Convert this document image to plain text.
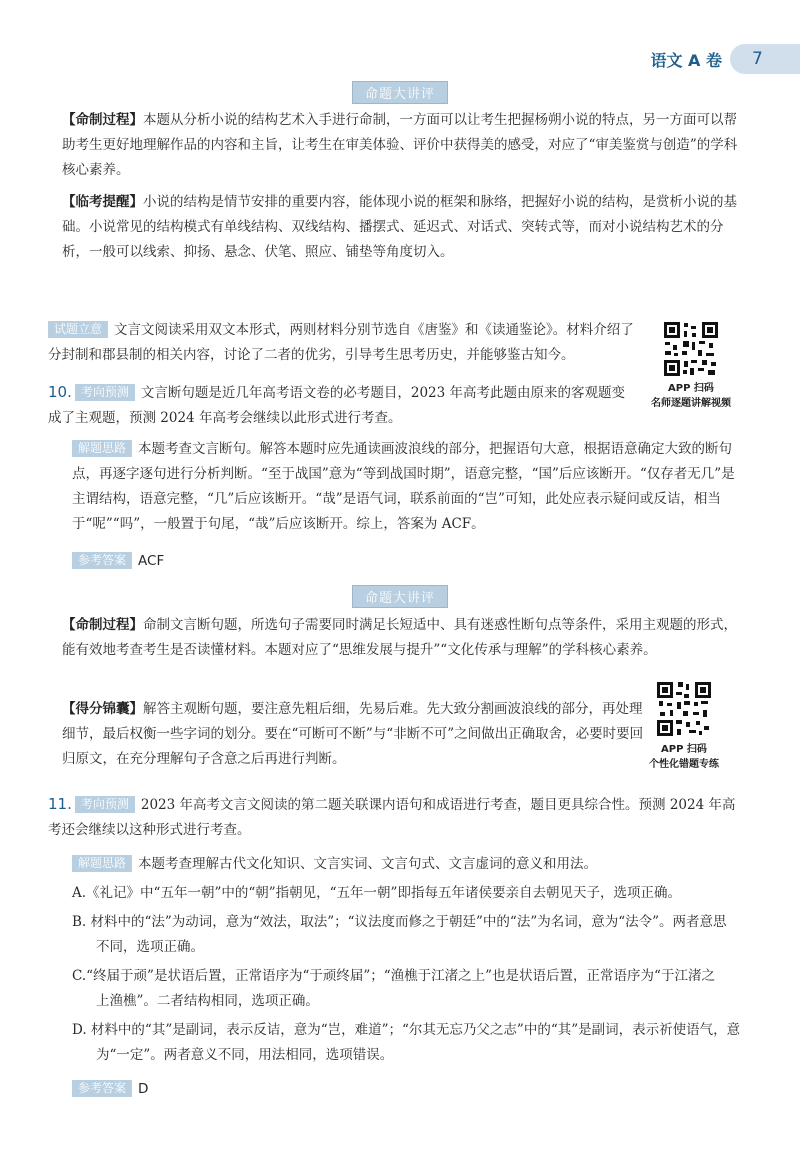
语文 A 卷 7
命题大讲评
【命制过程】本题从分析小说的结构艺术入手进行命制，一方面可以让考生把握杨朔小说的特点，另一方面可以帮助考生更好地理解作品的内容和主旨，让考生在审美体验、评价中获得美的感受，对应了“审美鉴赏与创造”的学科核心素养。
【临考提醒】小说的结构是情节安排的重要内容，能体现小说的框架和脉络，把握好小说的结构，是赏析小说的基础。小说常见的结构模式有单线结构、双线结构、播摆式、延迟式、对话式、突转式等，而对小说结构艺术的分析，一般可以线索、抑扬、悬念、伏笔、照应、铺垫等角度切入。
试题立意 文言文阅读采用双文本形式，两则材料分别节选自《唐鉴》和《读通鉴论》。材料介绍了分封制和郡县制的相关内容，讨论了二者的优劣，引导考生思考历史，并能够鉴古知今。
APP 扫码
名师逐题讲解视频
10. 考向预测 文言断句题是近几年高考语文卷的必考题目，2023 年高考此题由原来的客观题变成了主观题，预测 2024 年高考会继续以此形式进行考查。
解题思路 本题考查文言断句。解答本题时应先通读画波浪线的部分，把握语句大意，根据语意确定大致的断句点，再逐字逐句进行分析判断。“至于战国”意为“等到战国时期”，语意完整，“国”后应该断开。“仅存者无几”是主谓结构，语意完整，“几”后应该断开。“哉”是语气词，联系前面的“岂”可知，此处应表示疑问或反诘，相当于“呢”“吗”，一般置于句尾，“哉”后应该断开。综上，答案为 ACF。
参考答案 ACF
命题大讲评
【命制过程】命制文言断句题，所选句子需要同时满足长短适中、具有迷惑性断句点等条件，采用主观题的形式，能有效地考查考生是否读懂材料。本题对应了“思维发展与提升”“文化传承与理解”的学科核心素养。
【得分锦囊】解答主观断句题，要注意先粗后细，先易后难。先大致分割画波浪线的部分，再处理细节，最后权衡一些字词的划分。要在“可断可不断”与“非断不可”之间做出正确取舍，必要时要回归原文，在充分理解句子含意之后再进行判断。
APP 扫码
个性化错题专练
11. 考向预测 2023 年高考文言文阅读的第二题关联课内语句和成语进行考查，题目更具综合性。预测 2024 年高考还会继续以这种形式进行考查。
解题思路 本题考查理解古代文化知识、文言实词、文言句式、文言虚词的意义和用法。
A.《礼记》中“五年一朝”中的“朝”指朝见，“五年一朝”即指每五年诸侯要亲自去朝见天子，选项正确。
B. 材料中的“法”为动词，意为“效法，取法”；“议法度而修之于朝廷”中的“法”为名词，意为“法令”。两者意思
不同，选项正确。
C.“终届于顽”是状语后置，正常语序为“于顽终届”；“渔樵于江渚之上”也是状语后置，正常语序为“于江渚之
上渔樵”。二者结构相同，选项正确。
D. 材料中的“其”是副词，表示反诘，意为“岂，难道”；“尔其无忘乃父之志”中的“其”是副词，表示祈使语气，意
为“一定”。两者意义不同，用法相同，选项错误。
参考答案 D
